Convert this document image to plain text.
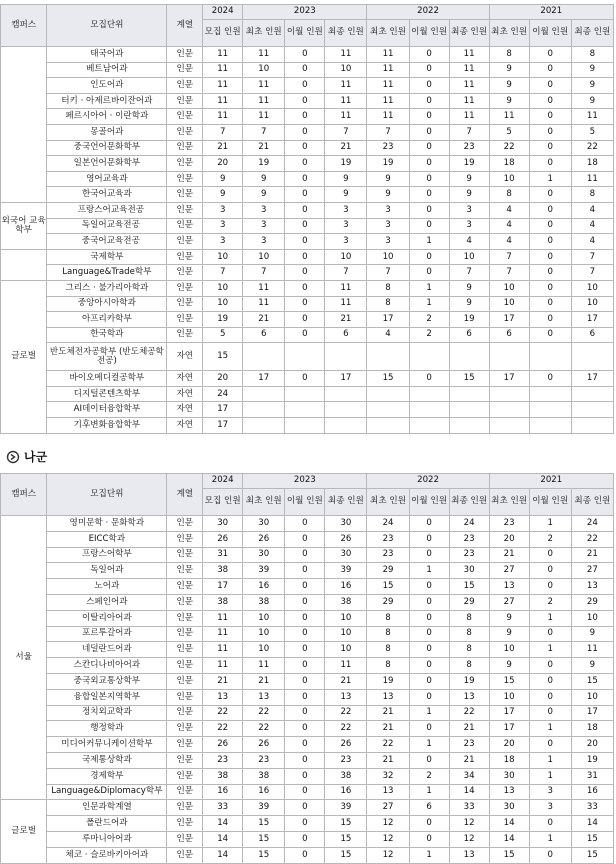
캠퍼스	모집단위	계열	2024	2023			2022			2021		
			모집 인원	최초 인원	이월 인원	최종 인원	최초 인원	이월 인원	최종 인원	최초 인원	이월 인원	최종 인원
	태국어과	인문	11	11	0	11	11	0	11	8	0	8
	베트남어과	인문	11	10	0	10	11	0	11	9	0	9
	인도어과	인문	11	11	0	11	11	0	11	9	0	9
	터키 · 아제르바이잔어과	인문	11	11	0	11	11	0	11	9	0	9
	페르시아어 · 이란학과	인문	11	11	0	11	11	0	11	11	0	11
	몽골어과	인문	7	7	0	7	7	0	7	5	0	5
	중국언어문화학부	인문	21	21	0	21	23	0	23	22	0	22
	일본언어문화학부	인문	20	19	0	19	19	0	19	18	0	18
	영어교육과	인문	9	9	0	9	9	0	9	10	1	11
	한국어교육과	인문	9	9	0	9	9	0	9	8	0	8
외국어 교육학부	프랑스어교육전공	인문	3	3	0	3	3	0	3	4	0	4
	독일어교육전공	인문	3	3	0	3	3	0	3	4	0	4
	중국어교육전공	인문	3	3	0	3	3	1	4	4	0	4
	국제학부	인문	10	10	0	10	10	0	10	7	0	7
	Language&Trade학부	인문	7	7	0	7	7	0	7	7	0	7
글로벌	그리스 · 불가리아학과	인문	10	11	0	11	8	1	9	10	0	10
	중앙아시아학과	인문	10	11	0	11	8	1	9	10	0	10
	아프리카학부	인문	19	21	0	21	17	2	19	17	0	17
	한국학과	인문	5	6	0	6	4	2	6	6	0	6
	반도체전자공학부 (반도체공학전공)	자연	15									
	바이오메디컬공학부	자연	20	17	0	17	15	0	15	17	0	17
	디지털콘텐츠학부	자연	24									
	AI데이터융합학부	자연	17									
	기후변화융합학부	자연	17									
나군
캠퍼스	모집단위	계열	2024	2023			2022			2021		
			모집 인원	최초 인원	이월 인원	최종 인원	최초 인원	이월 인원	최종 인원	최초 인원	이월 인원	최종 인원
서울	영미문학 · 문화학과	인문	30	30	0	30	24	0	24	23	1	24
	EICC학과	인문	26	26	0	26	23	0	23	20	2	22
	프랑스어학부	인문	31	30	0	30	23	0	23	21	0	21
	독일어과	인문	38	39	0	39	29	1	30	27	0	27
	노어과	인문	17	16	0	16	15	0	15	13	0	13
	스페인어과	인문	38	38	0	38	29	0	29	27	2	29
	이탈리아어과	인문	11	10	0	10	8	0	8	9	1	10
	포르투갈어과	인문	11	10	0	10	8	0	8	9	0	9
	네덜란드어과	인문	11	10	0	10	8	0	8	10	1	11
	스칸디나비아어과	인문	11	11	0	11	8	0	8	9	0	9
	중국외교통상학부	인문	21	21	0	21	19	0	19	15	0	15
	융합일본지역학부	인문	13	13	0	13	13	0	13	10	0	10
	정치외교학과	인문	22	22	0	22	21	1	22	17	0	17
	행정학과	인문	22	22	0	22	21	0	21	17	1	18
	미디어커뮤니케이션학부	인문	26	26	0	26	22	1	23	20	0	20
	국제통상학과	인문	23	23	0	23	21	0	21	18	1	19
	경제학부	인문	38	38	0	38	32	2	34	30	1	31
	Language&Diplomacy학부	인문	16	16	0	16	13	1	14	13	3	16
글로벌	인문과학계열	인문	33	39	0	39	27	6	33	30	3	33
	폴란드어과	인문	14	15	0	15	12	0	12	14	0	14
	루마니아어과	인문	14	15	0	15	12	0	12	14	1	15
	체코 · 슬로바키아어과	인문	14	15	0	15	12	1	13	15	0	15
